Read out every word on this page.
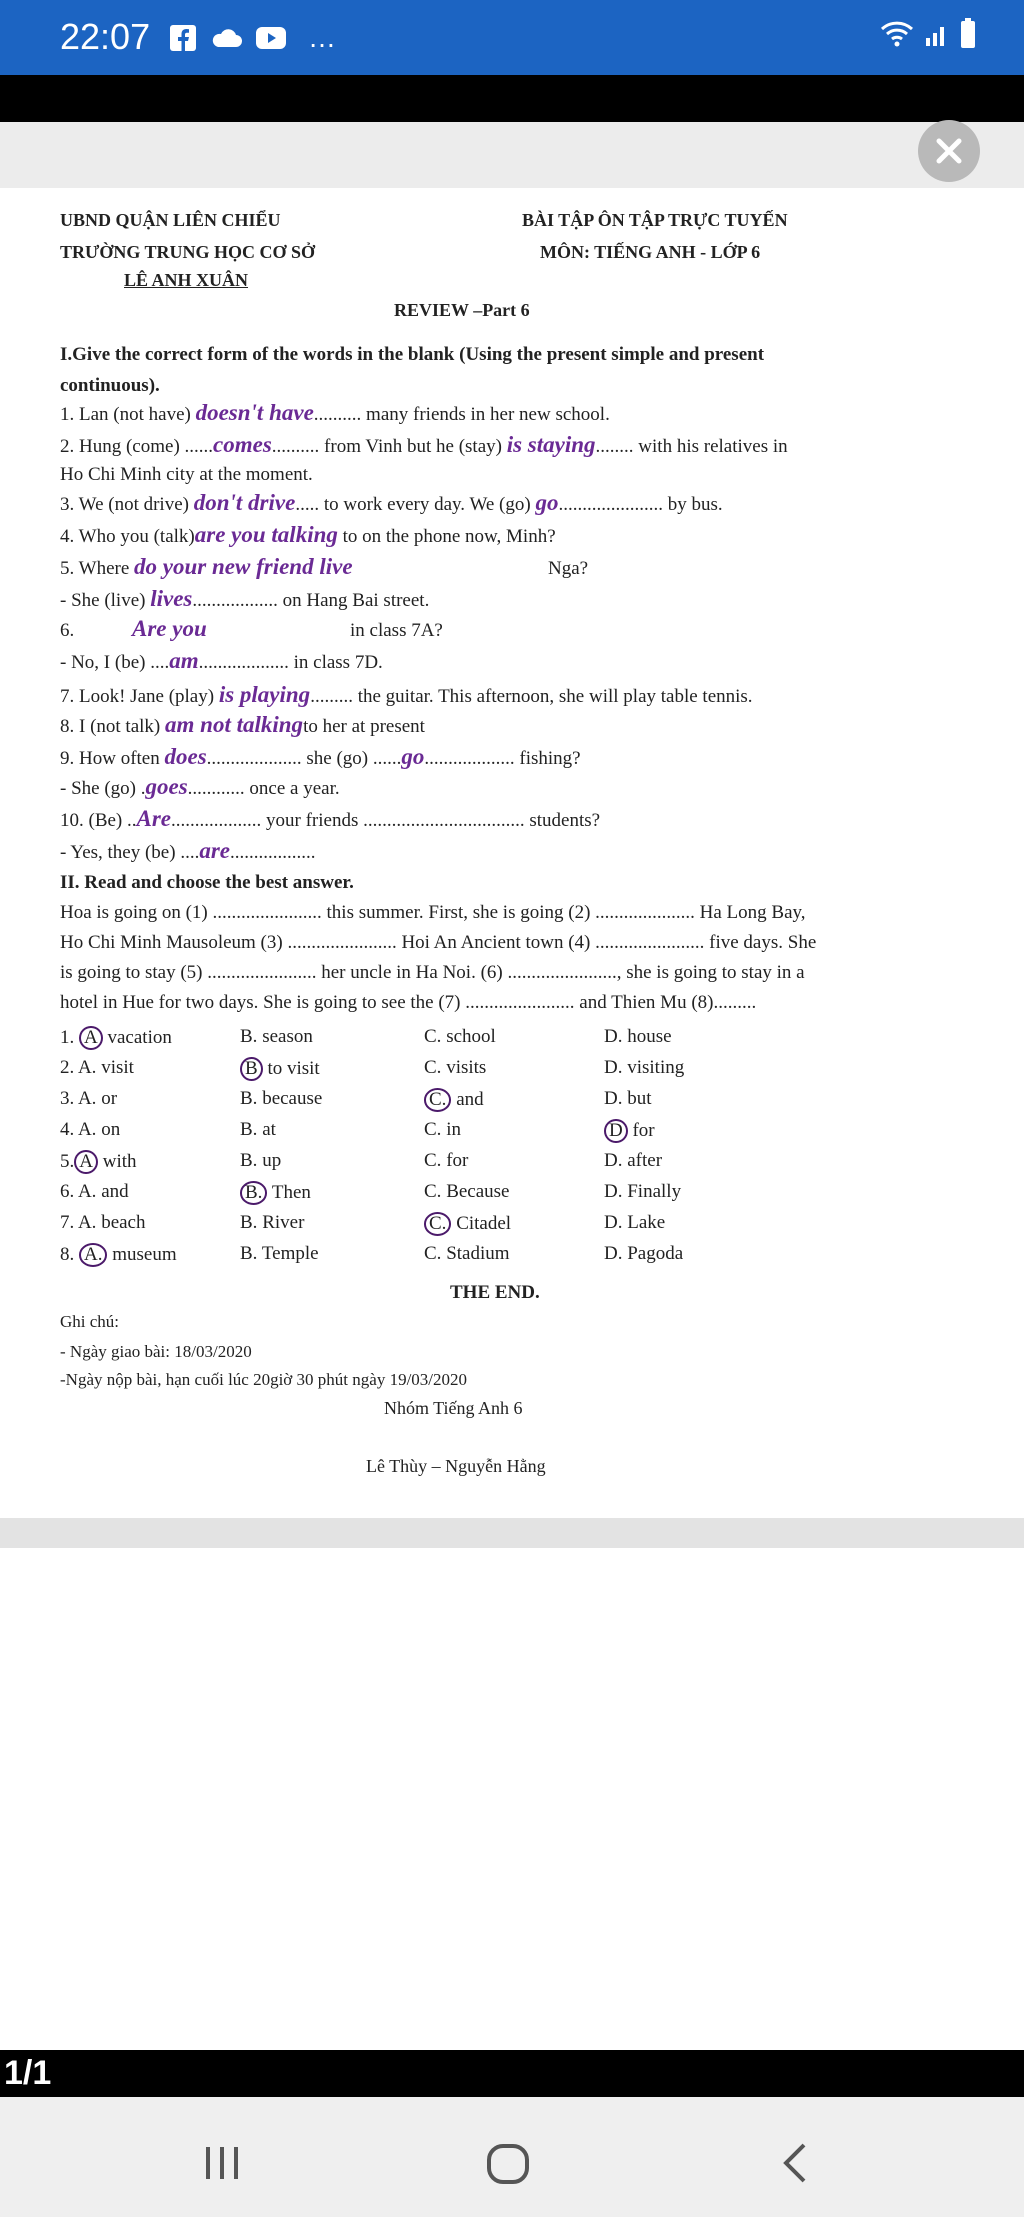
22:07	…
UBND QUẬN LIÊN CHIỂU
TRƯỜNG TRUNG HỌC CƠ SỞ
LÊ ANH XUÂN
BÀI TẬP ÔN TẬP TRỰC TUYẾN
MÔN: TIẾNG ANH - LỚP 6
REVIEW –Part 6
I.Give the correct form of the words in the blank (Using the present simple and present
continuous).
1. Lan (not have) doesn't have.......... many friends in her new school.
2. Hung (come) ......comes.......... from Vinh but he (stay) is staying........ with his relatives in
Ho Chi Minh city at the moment.
3. We (not drive) don't drive..... to work every day. We (go) go...................... by bus.
4. Who you (talk)are you talking to on the phone now, Minh?
5. Where do your new friend live	Nga?
- She (live) lives.................. on Hang Bai street.
6.	Are you	in class 7A?
- No, I (be) ....am................... in class 7D.
7. Look! Jane (play) is playing......... the guitar. This afternoon, she will play table tennis.
8. I (not talk) am not talkingto her at present
9. How often does.................... she (go) ......go................... fishing?
- She (go) .goes............ once a year.
10. (Be) ..Are................... your friends .................................. students?
- Yes, they (be) ....are..................
II. Read and choose the best answer.
Hoa is going on (1) ....................... this summer. First, she is going (2) ..................... Ha Long Bay,
Ho Chi Minh Mausoleum (3) ....................... Hoi An Ancient town (4) ....................... five days. She
is going to stay (5) ....................... her uncle in Ha Noi. (6) ......................., she is going to stay in a
hotel in Hue for two days. She is going to see the (7) ....................... and Thien Mu (8).........
1. A vacation	B. season	C. school	D. house
2. A. visit	B to visit	C. visits	D. visiting
3. A. or	B. because	C. and	D. but
4. A. on	B. at	C. in	D for
5. A with	B. up	C. for	D. after
6. A. and	B. Then	C. Because	D. Finally
7. A. beach	B. River	C. Citadel	D. Lake
8. A. museum	B. Temple	C. Stadium	D. Pagoda
THE END.
Ghi chú:
- Ngày giao bài: 18/03/2020
-Ngày nộp bài, hạn cuối lúc 20giờ 30 phút ngày 19/03/2020
Nhóm Tiếng Anh 6
Lê Thùy – Nguyễn Hằng
1/1
